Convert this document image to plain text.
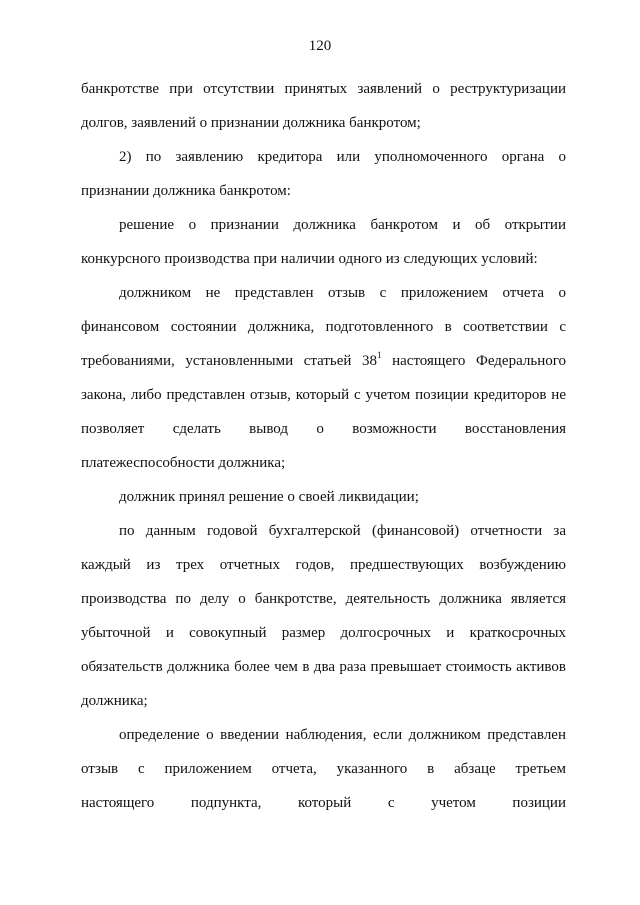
120
банкротстве при отсутствии принятых заявлений о реструктуризации
долгов, заявлений о признании должника банкротом;
2) по заявлению кредитора или уполномоченного органа о
признании должника банкротом:
решение о признании должника банкротом и об открытии
конкурсного производства при наличии одного из следующих условий:
должником не представлен отзыв с приложением отчета о
финансовом состоянии должника, подготовленного в соответствии с
требованиями, установленными статьей $38^1$ настоящего Федерального
закона, либо представлен отзыв, который с учетом позиции кредиторов не
позволяет сделать вывод о возможности восстановления
платежеспособности должника;
должник принял решение о своей ликвидации;
по данным годовой бухгалтерской (финансовой) отчетности за
каждый из трех отчетных годов, предшествующих возбуждению
производства по делу о банкротстве, деятельность должника является
убыточной и совокупный размер долгосрочных и краткосрочных
обязательств должника более чем в два раза превышает стоимость активов
должника;
определение о введении наблюдения, если должником представлен
отзыв с приложением отчета, указанного в абзаце третьем
настоящего подпункта, который с учетом позиции
